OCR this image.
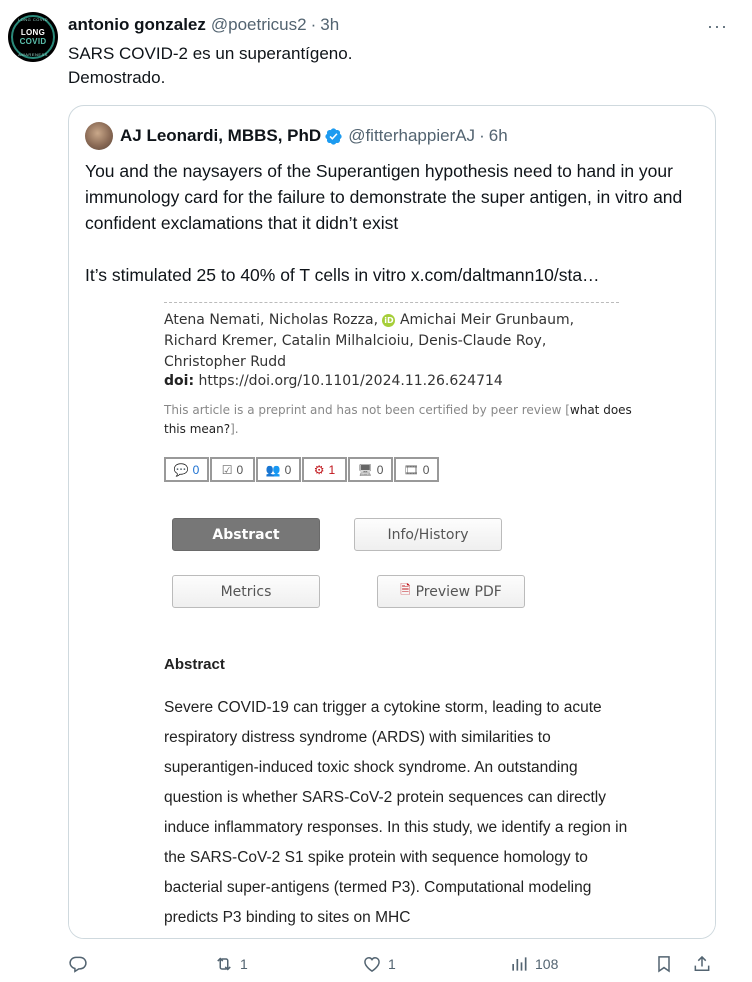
LONG COVID
LONG
COVID
AWARENESS
antonio gonzalez @poetricus2 · 3h	···
SARS COVID-2 es un superantígeno.
Demostrado.
AJ Leonardi, MBBS, PhD @fitterhappierAJ · 6h

You and the naysayers of the Superantigen hypothesis need to hand in your immunology card for the failure to demonstrate the super antigen, in vitro and confident exclamations that it didn’t exist

It’s stimulated 25 to 40% of T cells in vitro x.com/daltmann10/sta…

Atena Nemati, Nicholas Rozza, iD Amichai Meir Grunbaum, Richard Kremer, Catalin Milhalcioiu, Denis-Claude Roy, Christopher Rudd
doi: https://doi.org/10.1101/2024.11.26.624714
This article is a preprint and has not been certified by peer review [what does this mean?].
💬 0 ☑ 0 👥 0 ⚙ 1 🖥 0 🎞 0
Abstract	Info/History
Metrics	🗎 Preview PDF
Abstract
Severe COVID-19 can trigger a cytokine storm, leading to acute respiratory distress syndrome (ARDS) with similarities to superantigen-induced toxic shock syndrome. An outstanding question is whether SARS-CoV-2 protein sequences can directly induce inflammatory responses. In this study, we identify a region in the SARS-CoV-2 S1 spike protein with sequence homology to bacterial super-antigens (termed P3). Computational modeling predicts P3 binding to sites on MHC
1	1	108
